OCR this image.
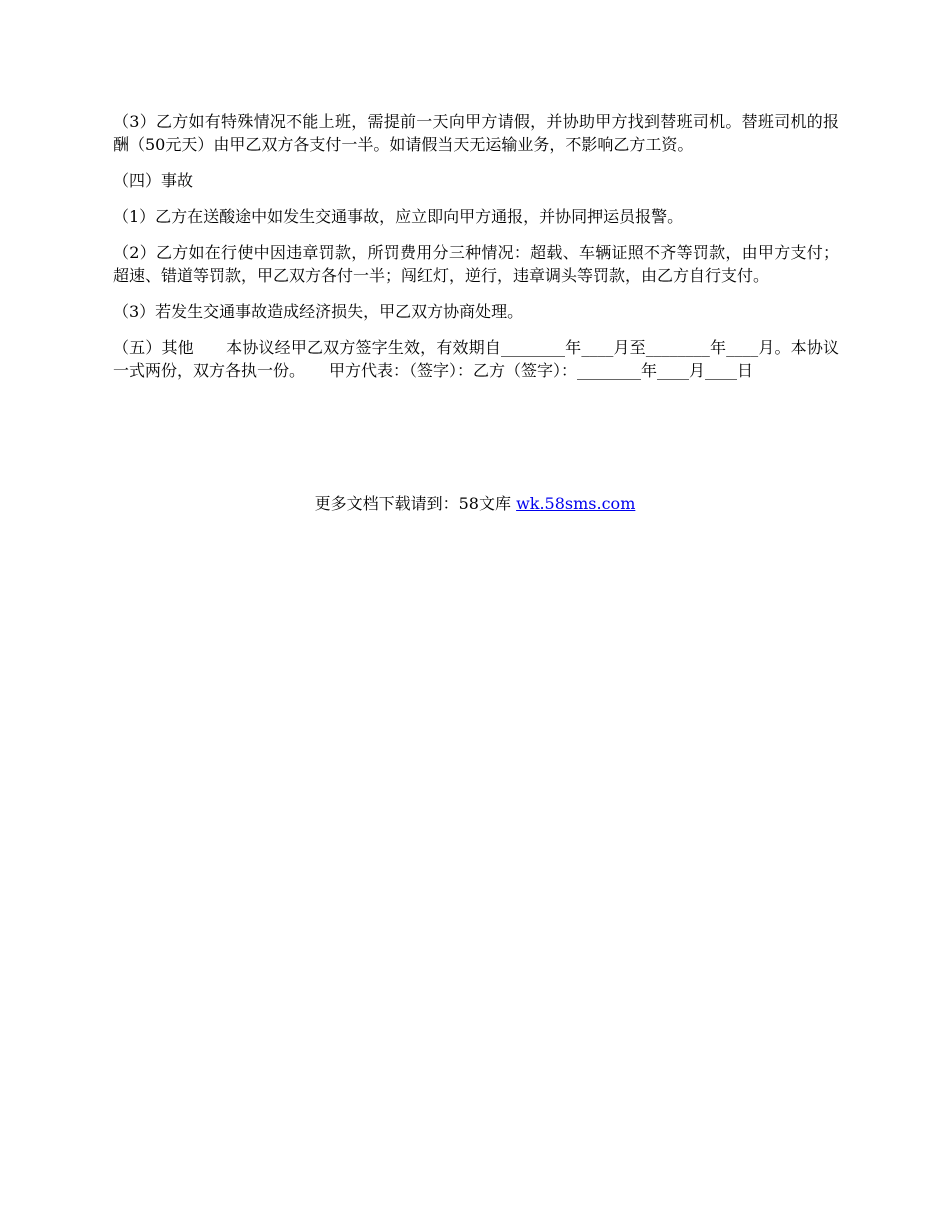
（3）乙方如有特殊情况不能上班，需提前一天向甲方请假，并协助甲方找到替班司机。替班司机的报酬（50元天）由甲乙双方各支付一半。如请假当天无运输业务，不影响乙方工资。

（四）事故

（1）乙方在送酸途中如发生交通事故，应立即向甲方通报，并协同押运员报警。

（2）乙方如在行使中因违章罚款，所罚费用分三种情况：超载、车辆证照不齐等罚款，由甲方支付；超速、错道等罚款，甲乙双方各付一半；闯红灯，逆行，违章调头等罚款，由乙方自行支付。

（3）若发生交通事故造成经济损失，甲乙双方协商处理。

（五）其他　　本协议经甲乙双方签字生效，有效期自________年____月至________年____月。本协议一式两份，双方各执一份。　　甲方代表：（签字）：乙方（签字）：________年____月____日

更多文档下载请到：58文库 wk.58sms.com
